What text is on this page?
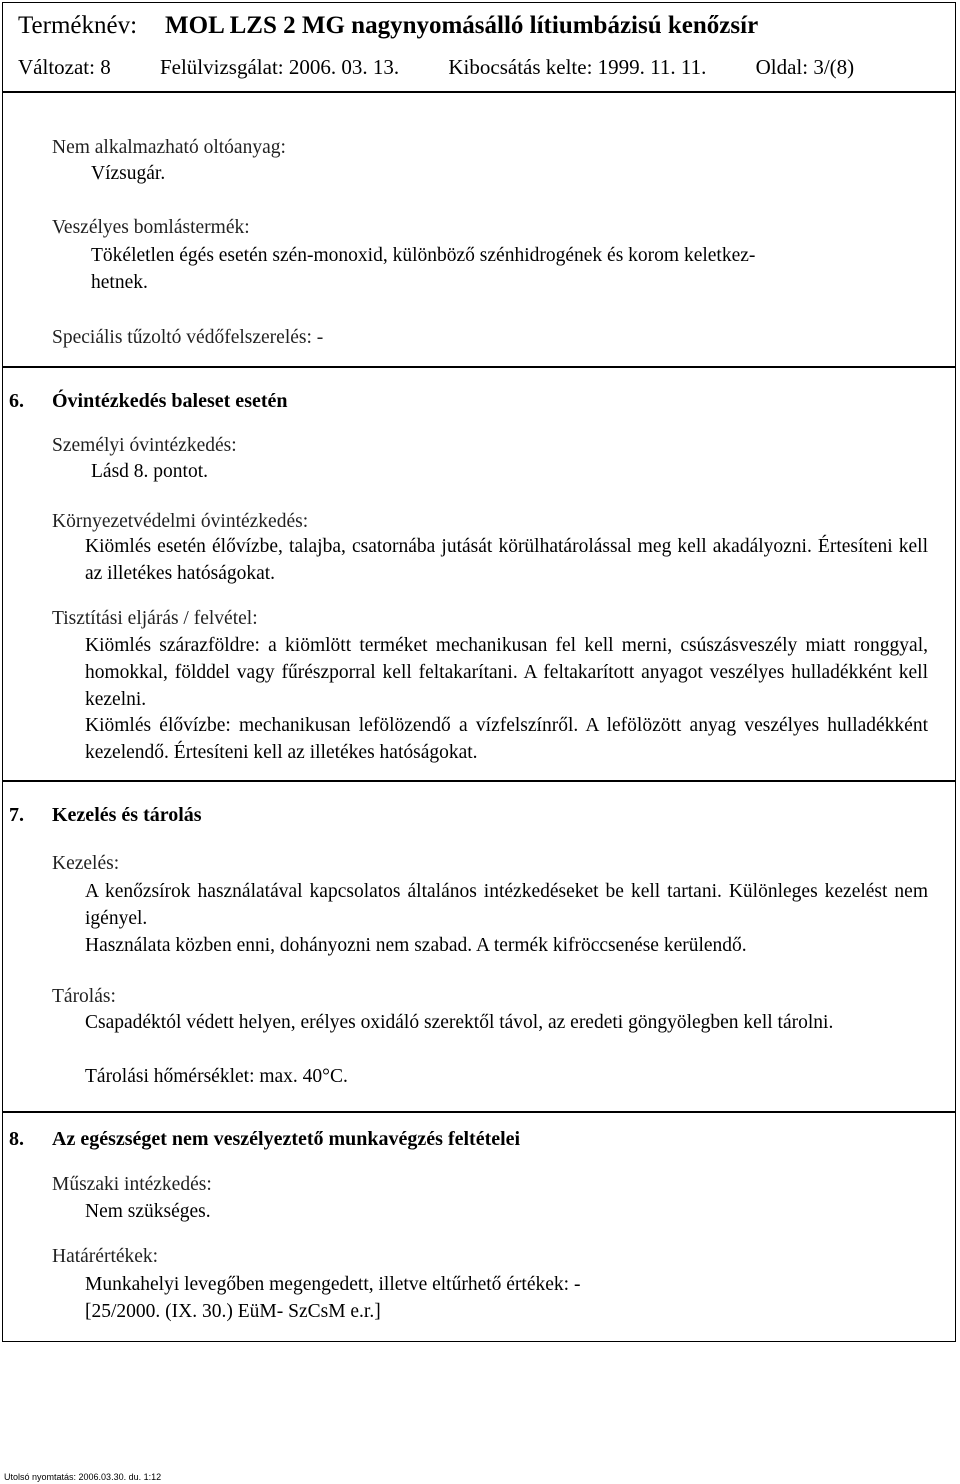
Terméknév: MOL LZS 2 MG nagynyomásálló lítiumbázisú kenőzsír
Változat: 8 Felülvizsgálat: 2006. 03. 13. Kibocsátás kelte: 1999. 11. 11. Oldal: 3/(8)
Nem alkalmazható oltóanyag:
Vízsugár.
Veszélyes bomlástermék:
Tökéletlen égés esetén szén-monoxid, különböző szénhidrogének és korom keletkez-
hetnek.
Speciális tűzoltó védőfelszerelés: -
6. Óvintézkedés baleset esetén
Személyi óvintézkedés:
Lásd 8. pontot.
Környezetvédelmi óvintézkedés:
Kiömlés esetén élővízbe, talajba, csatornába jutását körülhatárolással meg kell akadályozni. Értesíteni kell az illetékes hatóságokat.
Tisztítási eljárás / felvétel:
Kiömlés szárazföldre: a kiömlött terméket mechanikusan fel kell merni, csúszásveszély miatt ronggyal, homokkal, földdel vagy fűrészporral kell feltakarítani. A feltakarított anyagot veszélyes hulladékként kell kezelni.
Kiömlés élővízbe: mechanikusan lefölözendő a vízfelszínről. A lefölözött anyag veszélyes hulladékként kezelendő. Értesíteni kell az illetékes hatóságokat.
7. Kezelés és tárolás
Kezelés:
A kenőzsírok használatával kapcsolatos általános intézkedéseket be kell tartani. Különleges kezelést nem igényel.
Használata közben enni, dohányozni nem szabad. A termék kifröccsenése kerülendő.
Tárolás:
Csapadéktól védett helyen, erélyes oxidáló szerektől távol, az eredeti göngyölegben kell tárolni.
Tárolási hőmérséklet: max. 40°C.
8. Az egészséget nem veszélyeztető munkavégzés feltételei
Műszaki intézkedés:
Nem szükséges.
Határértékek:
Munkahelyi levegőben megengedett, illetve eltűrhető értékek: -
[25/2000. (IX. 30.) EüM- SzCsM e.r.]
Utolsó nyomtatás: 2006.03.30. du. 1:12
